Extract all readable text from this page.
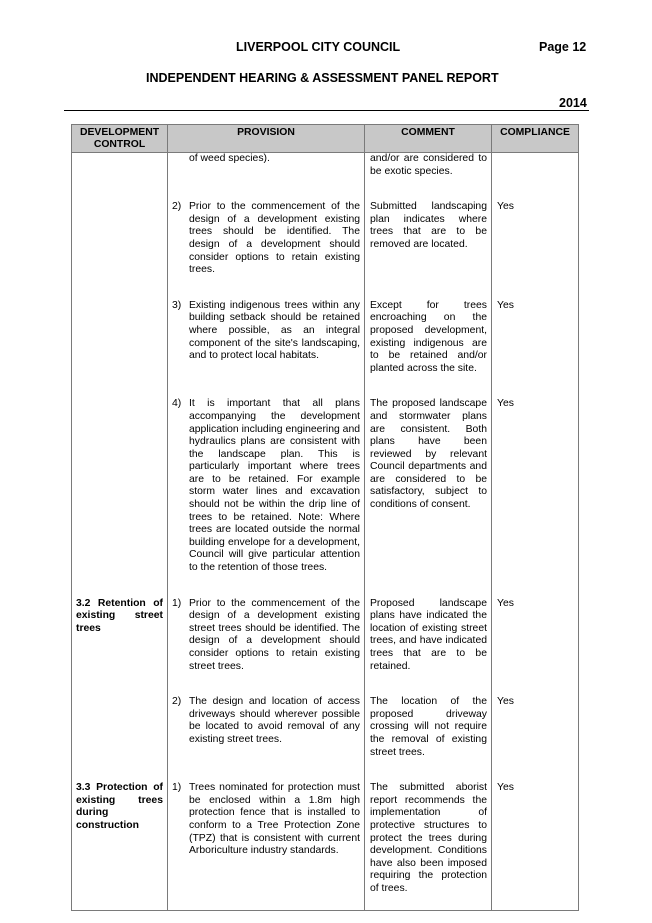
LIVERPOOL CITY COUNCIL	Page 12
INDEPENDENT HEARING & ASSESSMENT PANEL REPORT
2014
DEVELOPMENT CONTROL	PROVISION	COMMENT	COMPLIANCE

	of weed species).	and/or are considered to be exotic species.	

	2) Prior to the commencement of the design of a development existing trees should be identified. The design of a development should consider options to retain existing trees.	Submitted landscaping plan indicates where trees that are to be removed are located.	Yes

	3) Existing indigenous trees within any building setback should be retained where possible, as an integral component of the site's landscaping, and to protect local habitats.	Except for trees encroaching on the proposed development, existing indigenous are to be retained and/or planted across the site.	Yes

	4) It is important that all plans accompanying the development application including engineering and hydraulics plans are consistent with the landscape plan. This is particularly important where trees are to be retained. For example storm water lines and excavation should not be within the drip line of trees to be retained. Note: Where trees are located outside the normal building envelope for a development, Council will give particular attention to the retention of those trees.	The proposed landscape and stormwater plans are consistent. Both plans have been reviewed by relevant Council departments and are considered to be satisfactory, subject to conditions of consent.	Yes
3.2 Retention of existing street trees	1) Prior to the commencement of the design of a development existing street trees should be identified. The design of a development should consider options to retain existing street trees.	Proposed landscape plans have indicated the location of existing street trees, and have indicated trees that are to be retained.	Yes

	2) The design and location of access driveways should wherever possible be located to avoid removal of any existing street trees.	The location of the proposed driveway crossing will not require the removal of existing street trees.	Yes
3.3 Protection of existing trees during construction	1) Trees nominated for protection must be enclosed within a 1.8m high protection fence that is installed to conform to a Tree Protection Zone (TPZ) that is consistent with current Arboriculture industry standards.	The submitted aborist report recommends the implementation of protective structures to protect the trees during development. Conditions have also been imposed requiring the protection of trees.	Yes
